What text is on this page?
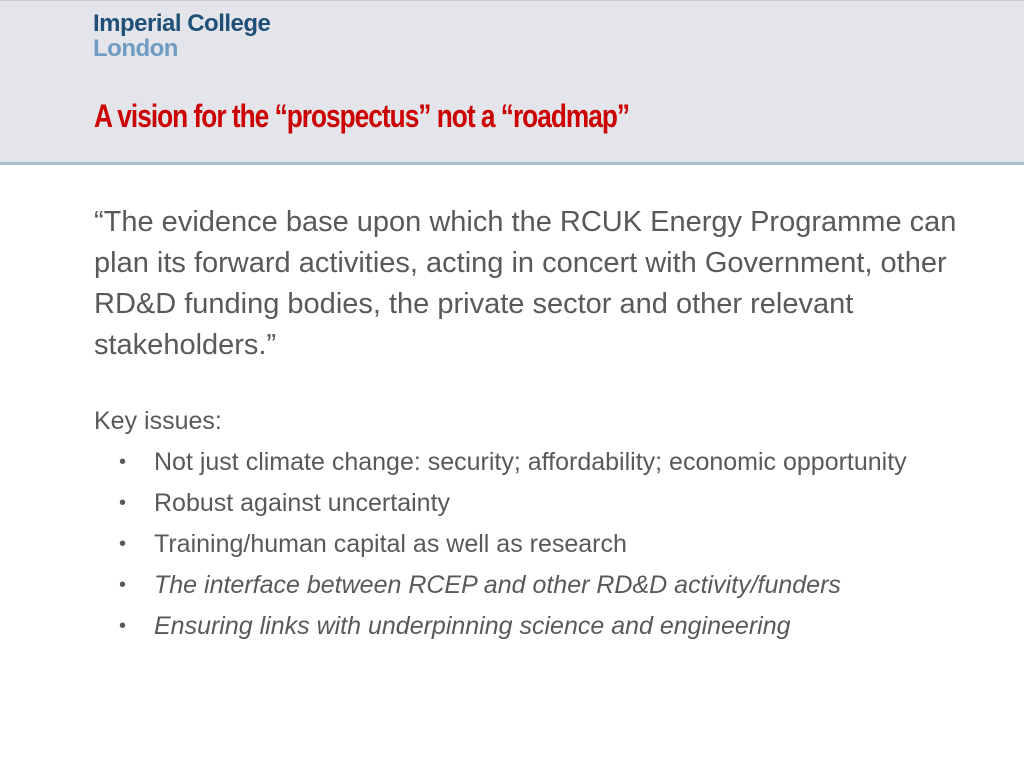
Imperial College
London
A vision for the “prospectus” not a “roadmap”

“The evidence base upon which the RCUK Energy Programme can plan its forward activities, acting in concert with Government, other RD&D funding bodies, the private sector and other relevant stakeholders.”

Key issues:

• Not just climate change: security; affordability; economic opportunity
• Robust against uncertainty
• Training/human capital as well as research
• The interface between RCEP and other RD&D activity/funders
• Ensuring links with underpinning science and engineering
